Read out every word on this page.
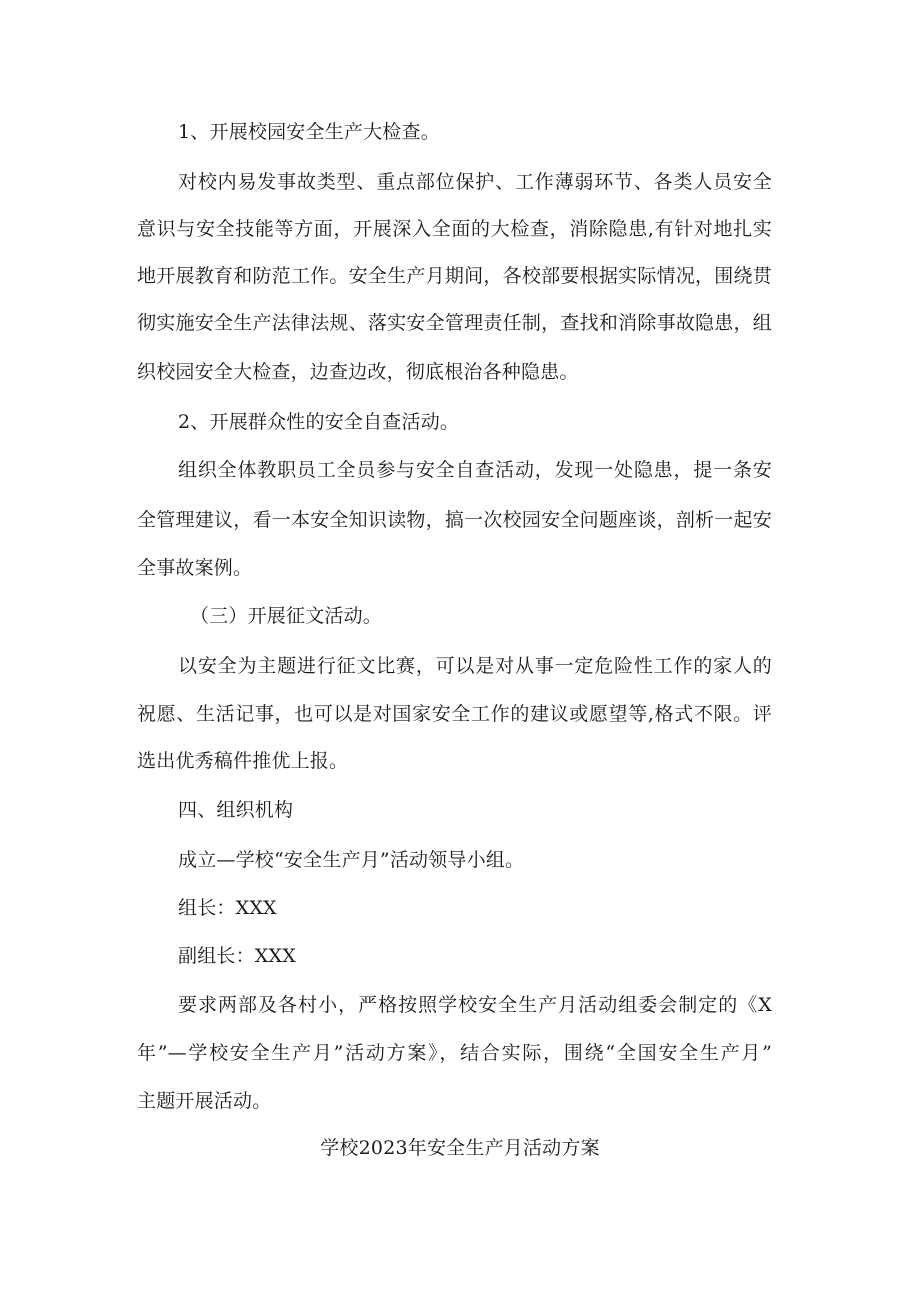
1、开展校园安全生产大检查。
对校内易发事故类型、重点部位保护、工作薄弱环节、各类人员安全
意识与安全技能等方面，开展深入全面的大检查，消除隐患,有针对地扎实
地开展教育和防范工作。安全生产月期间，各校部要根据实际情况，围绕贯
彻实施安全生产法律法规、落实安全管理责任制，查找和消除事故隐患，组
织校园安全大检查，边查边改，彻底根治各种隐患。
2、开展群众性的安全自查活动。
组织全体教职员工全员参与安全自查活动，发现一处隐患，提一条安
全管理建议，看一本安全知识读物，搞一次校园安全问题座谈，剖析一起安
全事故案例。
（三）开展征文活动。
以安全为主题进行征文比赛，可以是对从事一定危险性工作的家人的
祝愿、生活记事，也可以是对国家安全工作的建议或愿望等,格式不限。评
选出优秀稿件推优上报。
四、组织机构
成立—学校“安全生产月”活动领导小组。
组长：XXX
副组长：XXX
要求两部及各村小，严格按照学校安全生产月活动组委会制定的《X
年”—学校安全生产月”活动方案》，结合实际，围绕“全国安全生产月”
主题开展活动。
学校2023年安全生产月活动方案
